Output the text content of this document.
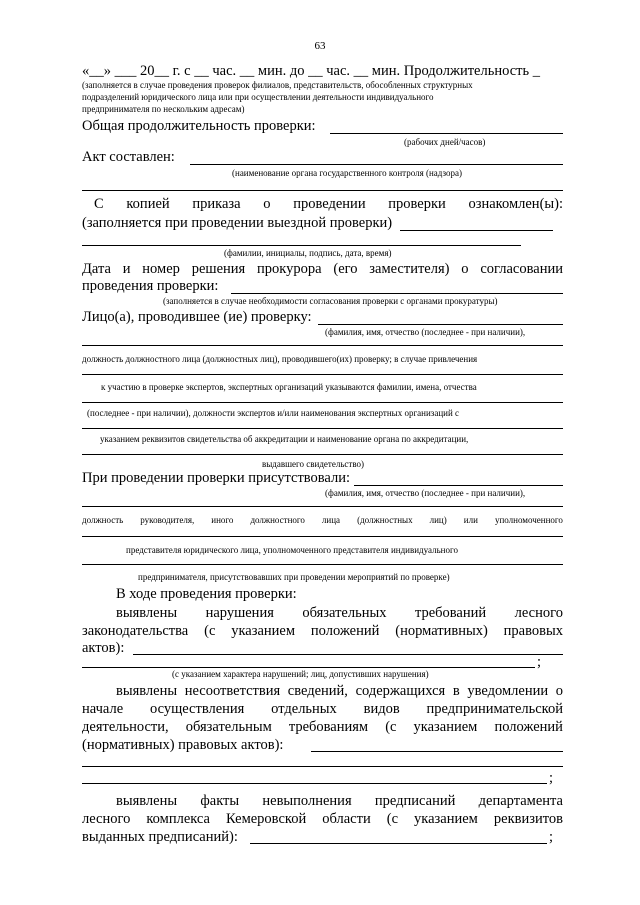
63
«__» ___ 20__ г. с __ час. __ мин. до __ час. __ мин. Продолжительность _
(заполняется в случае проведения проверок филиалов, представительств, обособленных структурных
подразделений юридического лица или при осуществлении деятельности индивидуального
предпринимателя по нескольким адресам)
Общая продолжительность проверки:
(рабочих дней/часов)
Акт составлен:
(наименование органа государственного контроля (надзора)
С копией приказа о проведении проверки ознакомлен(ы):
(заполняется при проведении выездной проверки)
(фамилии, инициалы, подпись, дата, время)
Дата и номер решения прокурора (его заместителя) о согласовании
проведения проверки:
(заполняется в случае необходимости согласования проверки с органами прокуратуры)
Лицо(а), проводившее (ие) проверку:
(фамилия, имя, отчество (последнее - при наличии),
должность должностного лица (должностных лиц), проводившего(их) проверку; в случае привлечения
к участию в проверке экспертов, экспертных организаций указываются фамилии, имена, отчества
(последнее - при наличии), должности экспертов и/или наименования экспертных организаций с
указанием реквизитов свидетельства об аккредитации и наименование органа по аккредитации,
выдавшего свидетельство)
При проведении проверки присутствовали:
(фамилия, имя, отчество (последнее - при наличии),
должность руководителя, иного должностного лица (должностных лиц) или уполномоченного
представителя юридического лица, уполномоченного представителя индивидуального
предпринимателя, присутствовавших при проведении мероприятий по проверке)
В ходе проведения проверки:
выявлены нарушения обязательных требований лесного
законодательства (с указанием положений (нормативных) правовых
актов):
;
(с указанием характера нарушений; лиц, допустивших нарушения)
выявлены несоответствия сведений, содержащихся в уведомлении о
начале осуществления отдельных видов предпринимательской
деятельности, обязательным требованиям (с указанием положений
(нормативных) правовых актов):
;
выявлены факты невыполнения предписаний департамента
лесного комплекса Кемеровской области (с указанием реквизитов
выданных предписаний):	;
